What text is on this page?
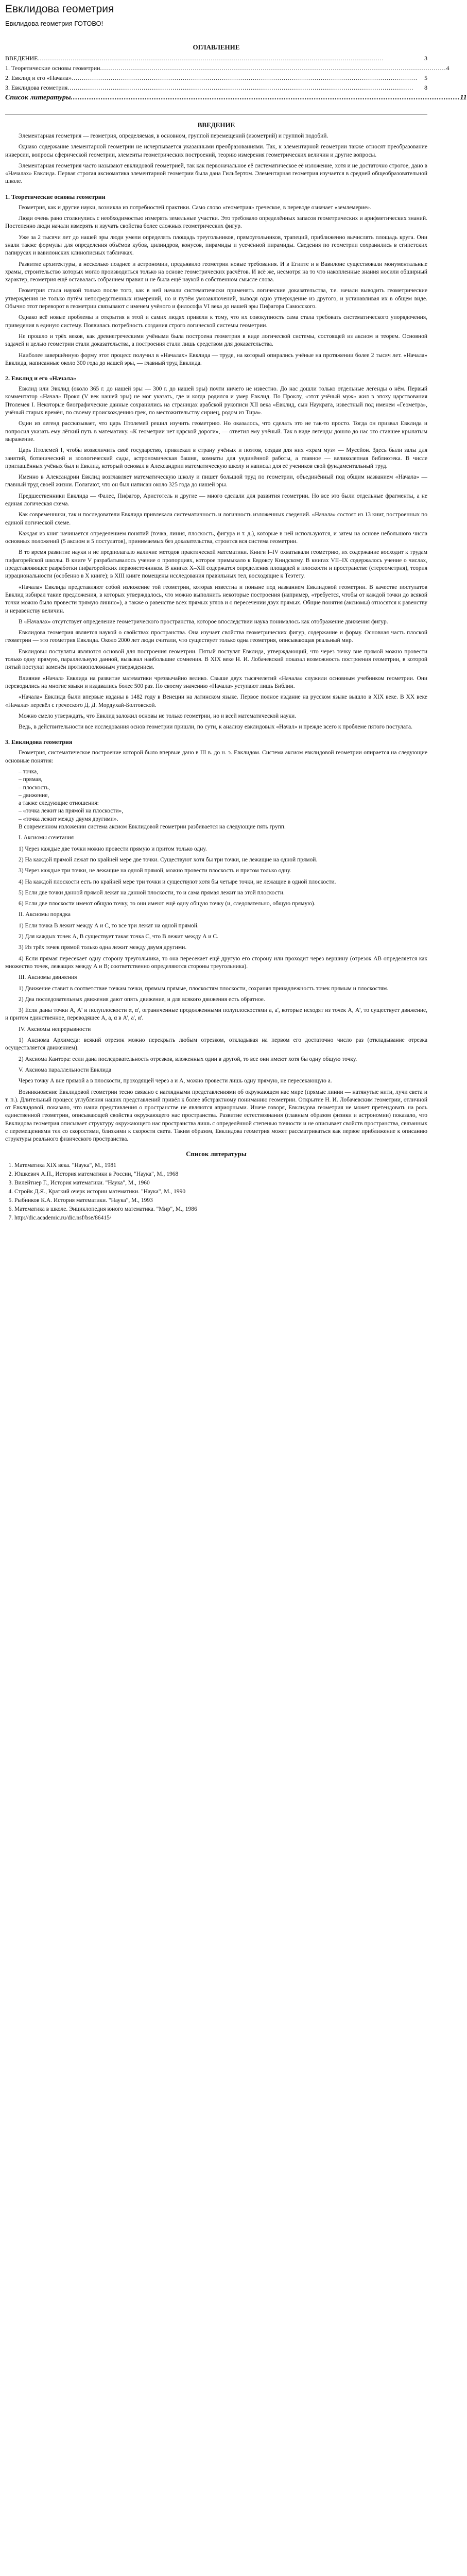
Евклидова геометрия
Евклидова геометрия ГОТОВО!
ОГЛАВЛЕНИЕ
ВВЕДЕНИЕ ........................................................................................................................................................................	3
1. Теоретические основы геометрии ........................................................................................................................................................................ 4
2. Евклид и его «Начала» ........................................................................................................................................................................	5
3. Евклидова геометрия ........................................................................................................................................................................	8
Список литературы ........................................................................................................................................................................ 11
ВВЕДЕНИЕ

Элементарная геометрия — геометрия, определяемая, в основном, группой перемещений (изометрий) и группой подобий.

Однако содержание элементарной геометрии не исчерпывается указанными преобразованиями. Так, к элементарной геометрии также относят преобразование инверсии, вопросы сферической геометрии, элементы геометрических построений, теорию измерения геометрических величин и другие вопросы.

Элементарная геометрия часто называют евклидовой геометрией, так как первоначальное её систематическое её изложение, хотя и не достаточно строгое, дано в «Началах» Евклида. Первая строгая аксиоматика элементарной геометрии была дана Гильбертом. Элементарная геометрия изучается в средней общеобразовательной школе.

1. Теоретические основы геометрии

Геометрия, как и другие науки, возникла из потребностей практики. Само слово «геометрия» греческое, в переводе означает «землемерие».

Люди очень рано столкнулись с необходимостью измерять земельные участки. Это требовало определённых запасов геометрических и арифметических знаний. Постепенно люди начали измерять и изучать свойства более сложных геометрических фигур.

Уже за 2 тысячи лет до нашей эры люди умели определять площадь треугольников, прямоугольников, трапеций, приближенно вычислять площадь круга. Они знали также формулы для определения объёмов кубов, цилиндров, конусов, пирамиды и усечённой пирамиды. Сведения по геометрии сохранились в египетских папирусах и вавилонских клинописных табличках.

Развитие архитектуры, а несколько позднее и астрономии, предъявило геометрии новые требования. И в Египте и в Вавилоне существовали монументальные храмы, строительство которых могло производиться только на основе геометрических расчётов. И всё же, несмотря на то что накопленные знания носили обширный характер, геометрия ещё оставалась собранием правил и не была ещё наукой в собственном смысле слова.

Геометрия стала наукой только после того, как в ней начали систематически применять логические доказательства, т.е. начали выводить геометрические утверждения не только путём непосредственных измерений, но и путём умозаключений, выводя одно утверждение из другого, и устанавливая их в общем виде. Обычно этот переворот в геометрии связывают с именем учёного и философа VI века до нашей эры Пифагора Самосского.

Однако всё новые проблемы и открытия в этой и самих людях привели к тому, что их совокупность сама стала требовать систематического упорядочения, приведения в единую систему. Появилась потребность создания строго логической системы геометрии.

Не прошло и трёх веков, как древнегреческими учёными была построена геометрия в виде логической системы, состоящей из аксиом и теорем. Основной задачей и целью геометрии стали доказательства, а построения стали лишь средством для доказательства.

Наиболее завершённую форму этот процесс получил в «Началах» Евклида — труде, на который опирались учёные на протяжении более 2 тысяч лет. «Начала» Евклида, написанные около 300 года до нашей эры, — главный труд Евклида.

2. Евклид и его «Начала»

Евклид или Эвклид (около 365 г. до нашей эры — 300 г. до нашей эры) почти ничего не известно. До нас дошли только отдельные легенды о нём. Первый комментатор «Начал» Прокл (V век нашей эры) не мог указать, где и когда родился и умер Евклид. По Проклу, «этот учёный муж» жил в эпоху царствования Птолемея I. Некоторые биографические данные сохранились на страницах арабской рукописи XII века «Евклид, сын Наукрата, известный под именем «Геометра», учёный старых времён, по своему происхождению грек, по местожительству сириец, родом из Тира».

Один из легенд рассказывает, что царь Птолемей решил изучить геометрию. Но оказалось, что сделать это не так-то просто. Тогда он призвал Евклида и попросил указать ему лёгкий путь в математику. «К геометрии нет царской дороги», — ответил ему учёный. Так в виде легенды дошло до нас это ставшее крылатым выражение.

Царь Птолемей I, чтобы возвеличить своё государство, привлекал в страну учёных и поэтов, создав для них «храм муз» — Мусейон. Здесь были залы для занятий, ботанический и зоологический сады, астрономическая башня, комнаты для уединённой работы, а главное — великолепная библиотека. В числе приглашённых учёных был и Евклид, который основал в Александрии математическую школу и написал для её учеников свой фундаментальный труд.

Именно в Александрии Евклид возглавляет математическую школу и пишет большой труд по геометрии, объединённый под общим названием «Начала» — главный труд своей жизни. Полагают, что он был написан около 325 года до нашей эры.

Предшественники Евклида — Фалес, Пифагор, Аристотель и другие — много сделали для развития геометрии. Но все это были отдельные фрагменты, а не единая логическая схема.

Как современники, так и последователи Евклида привлекала систематичность и логичность изложенных сведений. «Начала» состоят из 13 книг, построенных по единой логической схеме.

Каждая из книг начинается определением понятий (точка, линия, плоскость, фигура и т. д.), которые в ней используются, и затем на основе небольшого числа основных положений (5 аксиом и 5 постулатов), принимаемых без доказательства, строится вся система геометрии.

В то время развитие науки и не предполагало наличие методов практической математики. Книги I–IV охватывали геометрию, их содержание восходит к трудам пифагорейской школы. В книге V разрабатывалось учение о пропорциях, которое примыкало к Евдоксу Книдскому. В книгах VII–IX содержалось учение о числах, представляющее разработки пифагорейских первоисточников. В книгах X–XII содержатся определения площадей в плоскости и пространстве (стереометрия), теория иррациональности (особенно в X книге); в XIII книге помещены исследования правильных тел, восходящие к Теэтету.

«Начала» Евклида представляют собой изложение той геометрии, которая известна и поныне под названием Евклидовой геометрии. В качестве постулатов Евклид избирал такие предложения, в которых утверждалось, что можно выполнить некоторые построения (например, «требуется, чтобы от каждой точки до всякой точки можно было провести прямую линию»), а также о равенстве всех прямых углов и о пересечении двух прямых. Общие понятия (аксиомы) относятся к равенству и неравенству величин.

В «Началах» отсутствует определение геометрического пространства, которое впоследствии наука понималось как отображение движения фигур.

Евклидова геометрия является наукой о свойствах пространства. Она изучает свойства геометрических фигур, содержание и форму. Основная часть плоской геометрии — это геометрия Евклида. Около 2000 лет люди считали, что существует только одна геометрия, описывающая реальный мир.

Евклидовы постулаты являются основой для построения геометрии. Пятый постулат Евклида, утверждающий, что через точку вне прямой можно провести только одну прямую, параллельную данной, вызывал наибольшие сомнения. В XIX веке Н. И. Лобачевский показал возможность построения геометрии, в которой пятый постулат заменён противоположным утверждением.

Влияние «Начал» Евклида на развитие математики чрезвычайно велико. Свыше двух тысячелетий «Начала» служили основным учебником геометрии. Они переводились на многие языки и издавались более 500 раз. По своему значению «Начала» уступают лишь Библии.

«Начала» Евклида были впервые изданы в 1482 году в Венеции на латинском языке. Первое полное издание на русском языке вышло в XIX веке. В XX веке «Начала» перевёл с греческого Д. Д. Мордухай-Болтовской.

Можно смело утверждать, что Евклид заложил основы не только геометрии, но и всей математической науки.

Ведь, в действительности все исследования основ геометрии пришли, по сути, к анализу евклидовых «Начал» и прежде всего к проблеме пятого постулата.

3. Евклидова геометрия

Геометрия, систематическое построение которой было впервые дано в III в. до н. э. Евклидом. Система аксиом евклидовой геометрии опирается на следующие основные понятия:

– точка,
– прямая,
– плоскость,
– движение,
а также следующие отношения:
– «точка лежит на прямой на плоскости»,
– «точка лежит между двумя другими».

В современном изложении система аксиом Евклидовой геометрии разбивается на следующие пять групп.

I. Аксиомы сочетания

1) Через каждые две точки можно провести прямую и притом только одну.

2) На каждой прямой лежат по крайней мере две точки. Существуют хотя бы три точки, не лежащие на одной прямой.

3) Через каждые три точки, не лежащие на одной прямой, можно провести плоскость и притом только одну.

4) На каждой плоскости есть по крайней мере три точки и существуют хотя бы четыре точки, не лежащие в одной плоскости.

5) Если две точки данной прямой лежат на данной плоскости, то и сама прямая лежит на этой плоскости.

6) Если две плоскости имеют общую точку, то они имеют ещё одну общую точку (и, следовательно, общую прямую).

II. Аксиомы порядка

1) Если точка В лежит между А и С, то все три лежат на одной прямой.

2) Для каждых точек А, В существует такая точка С, что В лежит между А и С.

3) Из трёх точек прямой только одна лежит между двумя другими.

4) Если прямая пересекает одну сторону треугольника, то она пересекает ещё другую его сторону или проходит через вершину (отрезок АВ определяется как множество точек, лежащих между А и В; соответственно определяются стороны треугольника).

III. Аксиомы движения

1) Движение ставит в соответствие точкам точки, прямым прямые, плоскостям плоскости, сохраняя принадлежность точек прямым и плоскостям.

2) Два последовательных движения дают опять движение, и для всякого движения есть обратное.

3) Если даны точки А, А' и полуплоскости α, α', ограниченные продолженными полуплоскостями а, а', которые исходят из точек А, А', то существует движение, и притом единственное, переводящее А, а, α в А', а', α'.

IV. Аксиомы непрерывности

1) Аксиома Архимеда: всякий отрезок можно перекрыть любым отрезком, откладывая на первом его достаточно число раз (откладывание отрезка осуществляется движением).

2) Аксиома Кантора: если дана последовательность отрезков, вложенных один в другой, то все они имеют хотя бы одну общую точку.

V. Аксиома параллельности Евклида

Через точку А вне прямой а в плоскости, проходящей через а и А, можно провести лишь одну прямую, не пересекающую а.

Возникновение Евклидовой геометрии тесно связано с наглядными представлениями об окружающем нас мире (прямые линии — натянутые нити, лучи света и т. п.). Длительный процесс углубления наших представлений привёл к более абстрактному пониманию геометрии. Открытие Н. И. Лобачевским геометрии, отличной от Евклидовой, показало, что наши представления о пространстве не являются априорными. Иначе говоря, Евклидова геометрия не может претендовать на роль единственной геометрии, описывающей свойства окружающего нас пространства. Развитие естествознания (главным образом физики и астрономии) показало, что Евклидова геометрия описывает структуру окружающего нас пространства лишь с определённой степенью точности и не описывает свойств пространства, связанных с перемещениями тел со скоростями, близкими к скорости света. Таким образом, Евклидова геометрия может рассматриваться как первое приближение к описанию структуры реального физического пространства.

Список литературы
1. Математика XIX века. "Наука", М., 1981
2. Юшкевич А.П., История математики в России, "Наука", М., 1968
3. Вилейтнер Г., История математики. "Наука", М., 1960
4. Стройк Д.Я., Краткий очерк истории математики. "Наука", М., 1990
5. Рыбников К.А. История математики. "Наука", М., 1993
6. Математика в школе. Энциклопедия юного математика. "Мир", М., 1986
7. http://dic.academic.ru/dic.nsf/bse/86415/
